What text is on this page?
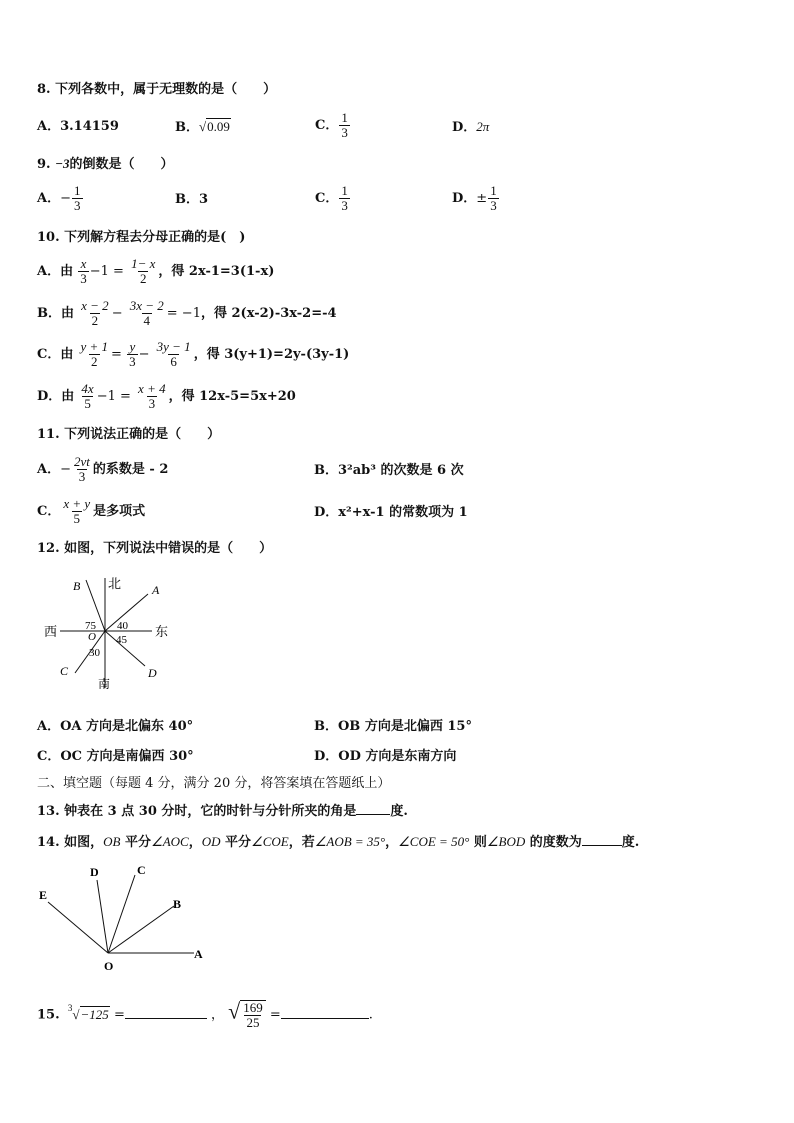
8. 下列各数中，属于无理数的是（　　）
A．3.14159	B．√0.09	C． $\frac{1}{3}$	D．2π
9. −3的倒数是（　　）
A．− $\frac{1}{3}$	B．3	C． $\frac{1}{3}$	D．± $\frac{1}{3}$
10. 下列解方程去分母正确的是(　)
A．由 $\frac{x}{3} -1 = \frac{1- x}{2}$ ，得 2x-1=3(1-x)
B．由 $\frac{x - 2}{2} - \frac{3x - 2}{4} = -1$，得 2(x-2)-3x-2=-4
C．由 $\frac{y + 1}{2} = \frac{y}{3} - \frac{3y - 1}{6}$ ，得 3(y+1)=2y-(3y-1)
D．由 $\frac{4x}{5} -1 = \frac{x + 4}{3}$ ，得 12x-5=5x+20
11. 下列说法正确的是（　　）
A．− $\frac{2vt}{3}$ 的系数是 - 2	B．3²ab³ 的次数是 6 次
C． $\frac{x + y}{5}$ 是多项式	D．x²+x-1 的常数项为 1
12. 如图，下列说法中错误的是（　　）
北
南
西	东
A
B
C	D
O
75 40
45
30
A．OA 方向是北偏东 40°	B．OB 方向是北偏西 15°
C．OC 方向是南偏西 30°	D．OD 方向是东南方向
二、填空题（每题 4 分，满分 20 分，将答案填在答题纸上）
13. 钟表在 3 点 30 分时，它的时针与分针所夹的角是	度.
14. 如图，OB 平分∠AOC，OD 平分∠COE，若∠AOB = 35°，∠COE = 50° 则∠BOD 的度数为	度.
A
B
C
D
E
O
15. $^3$√−125 =	， √ $\frac{169}{25}$ =	.
